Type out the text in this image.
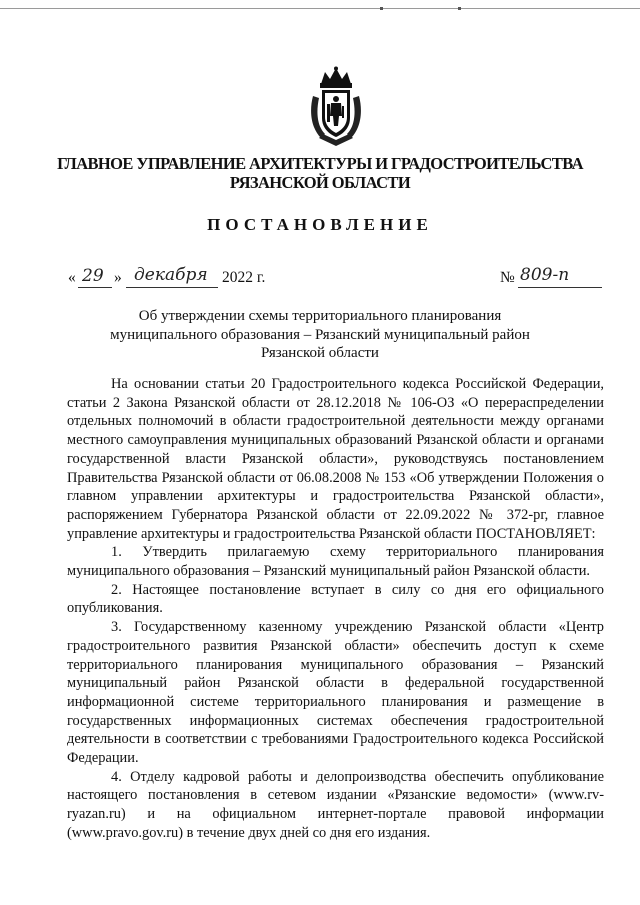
ГЛАВНОЕ УПРАВЛЕНИЕ АРХИТЕКТУРЫ И ГРАДОСТРОИТЕЛЬСТВА
РЯЗАНСКОЙ ОБЛАСТИ
ПОСТАНОВЛЕНИЕ
« 29 » декабря 2022 г.	№ 809-п
Об утверждении схемы территориального планирования
муниципального образования – Рязанский муниципальный район
Рязанской области

На основании статьи 20 Градостроительного кодекса Российской Федерации, статьи 2 Закона Рязанской области от 28.12.2018 № 106-ОЗ «О перераспределении отдельных полномочий в области градостроительной деятельности между органами местного самоуправления муниципальных образований Рязанской области и органами государственной власти Рязанской области», руководствуясь постановлением Правительства Рязанской области от 06.08.2008 № 153 «Об утверждении Положения о главном управлении архитектуры и градостроительства Рязанской области», распоряжением Губернатора Рязанской области от 22.09.2022 № 372-рг, главное управление архитектуры и градостроительства Рязанской области ПОСТАНОВЛЯЕТ:

1. Утвердить прилагаемую схему территориального планирования муниципального образования – Рязанский муниципальный район Рязанской области.

2. Настоящее постановление вступает в силу со дня его официального опубликования.

3. Государственному казенному учреждению Рязанской области «Центр градостроительного развития Рязанской области» обеспечить доступ к схеме территориального планирования муниципального образования – Рязанский муниципальный район Рязанской области в федеральной государственной информационной системе территориального планирования и размещение в государственных информационных системах обеспечения градостроительной деятельности в соответствии с требованиями Градостроительного кодекса Российской Федерации.

4. Отделу кадровой работы и делопроизводства обеспечить опубликование настоящего постановления в сетевом издании «Рязанские ведомости» (www.rv-ryazan.ru) и на официальном интернет-портале правовой информации (www.pravo.gov.ru) в течение двух дней со дня его издания.
